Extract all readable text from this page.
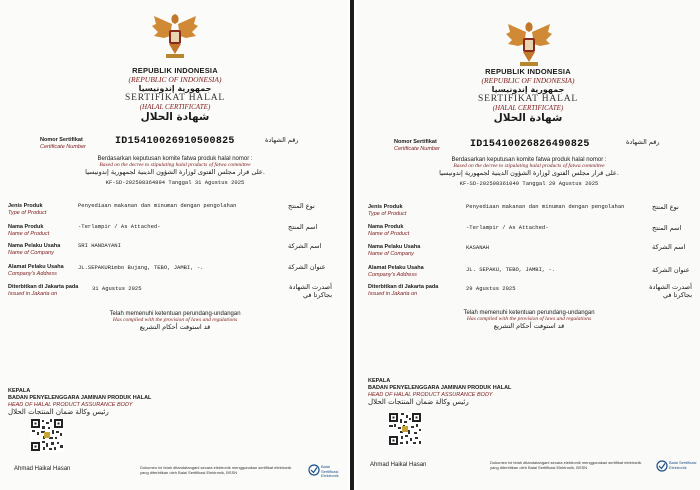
REPUBLIK INDONESIA
(REPUBLIC OF INDONESIA)
جمهورية إندونيسيا
SERTIFIKAT HALAL
(HALAL CERTIFICATE)
شهادة الحلال
Nomor Sertifikat
Certificate Number	ID15410026910500825	رقم الشهادة
Berdasarkan keputusan komite fatwa produk halal nomor :
Based on the decree to stipulating halal products of fatwa committee
على قرار مجلس الفتوى لوزارة الشؤون الدينية لجمهورية إندونيسيا.
KF-SD-202508364894 Tanggal 31 Agustus 2025
Jenis Produk
Type of Product
Penyediaan makanan dan minuman dengan pengolahan	نوع المنتج
Nama Produk
Name of Product
-Terlampir / As Attached-	اسم المنتج
Nama Pelaku Usaha
Name of Company
SRI HANDAYANI	اسم الشركة
Alamat Pelaku Usaha
Company's Address
JL.SEPAKURimbo Bujang, TEBO, JAMBI, -.	عنوان الشركة
Diterbitkan di Jakarta pada
Issued in Jakarta on
31 Agustus 2025	أصدرت الشهادة بجاكرتا في
Telah memenuhi ketentuan perundang-undangan
Has complied with the provision of laws and regulations
قد استوفت أحكام التشريع
KEPALA
BADAN PENYELENGGARA JAMINAN PRODUK HALAL
HEAD OF HALAL PRODUCT ASSURANCE BODY
رئيس وكالة ضمان المنتجات الحلال
Ahmad Haikal Hasan	Dokumen ini telah ditandatangani secara elektronik menggunakan sertifikat elektronik yang diterbitkan oleh Balai Sertifikasi Elektronik, BSSN
Balai Sertifikasi Elektronik
REPUBLIK INDONESIA
(REPUBLIC OF INDONESIA)
جمهورية إندونيسيا
SERTIFIKAT HALAL
(HALAL CERTIFICATE)
شهادة الحلال
Nomor Sertifikat
Certificate Number	ID15410026826490825	رقم الشهادة
Berdasarkan keputusan komite fatwa produk halal nomor :
Based on the decree to stipulating halal products of fatwa committee
على قرار مجلس الفتوى لوزارة الشؤون الدينية لجمهورية إندونيسيا.
KF-SD-202508361049 Tanggal 29 Agustus 2025
Jenis Produk
Type of Product
Penyediaan makanan dan minuman dengan pengolahan	نوع المنتج
Nama Produk
Name of Product
-Terlampir / As Attached-	اسم المنتج
Nama Pelaku Usaha
Name of Company
KASANAH	اسم الشركة
Alamat Pelaku Usaha
Company's Address
JL. SEPAKU, TEBO, JAMBI, -.	عنوان الشركة
Diterbitkan di Jakarta pada
Issued in Jakarta on
29 Agustus 2025	أصدرت الشهادة بجاكرتا في
Telah memenuhi ketentuan perundang-undangan
Has complied with the provision of laws and regulations
قد استوفت أحكام التشريع
KEPALA
BADAN PENYELENGGARA JAMINAN PRODUK HALAL
HEAD OF HALAL PRODUCT ASSURANCE BODY
رئيس وكالة ضمان المنتجات الحلال
Ahmad Haikal Hasan	Dokumen ini telah ditandatangani secara elektronik menggunakan sertifikat elektronik yang diterbitkan oleh Balai Sertifikasi Elektronik, BSSN
Balai Sertifikasi Elektronik
